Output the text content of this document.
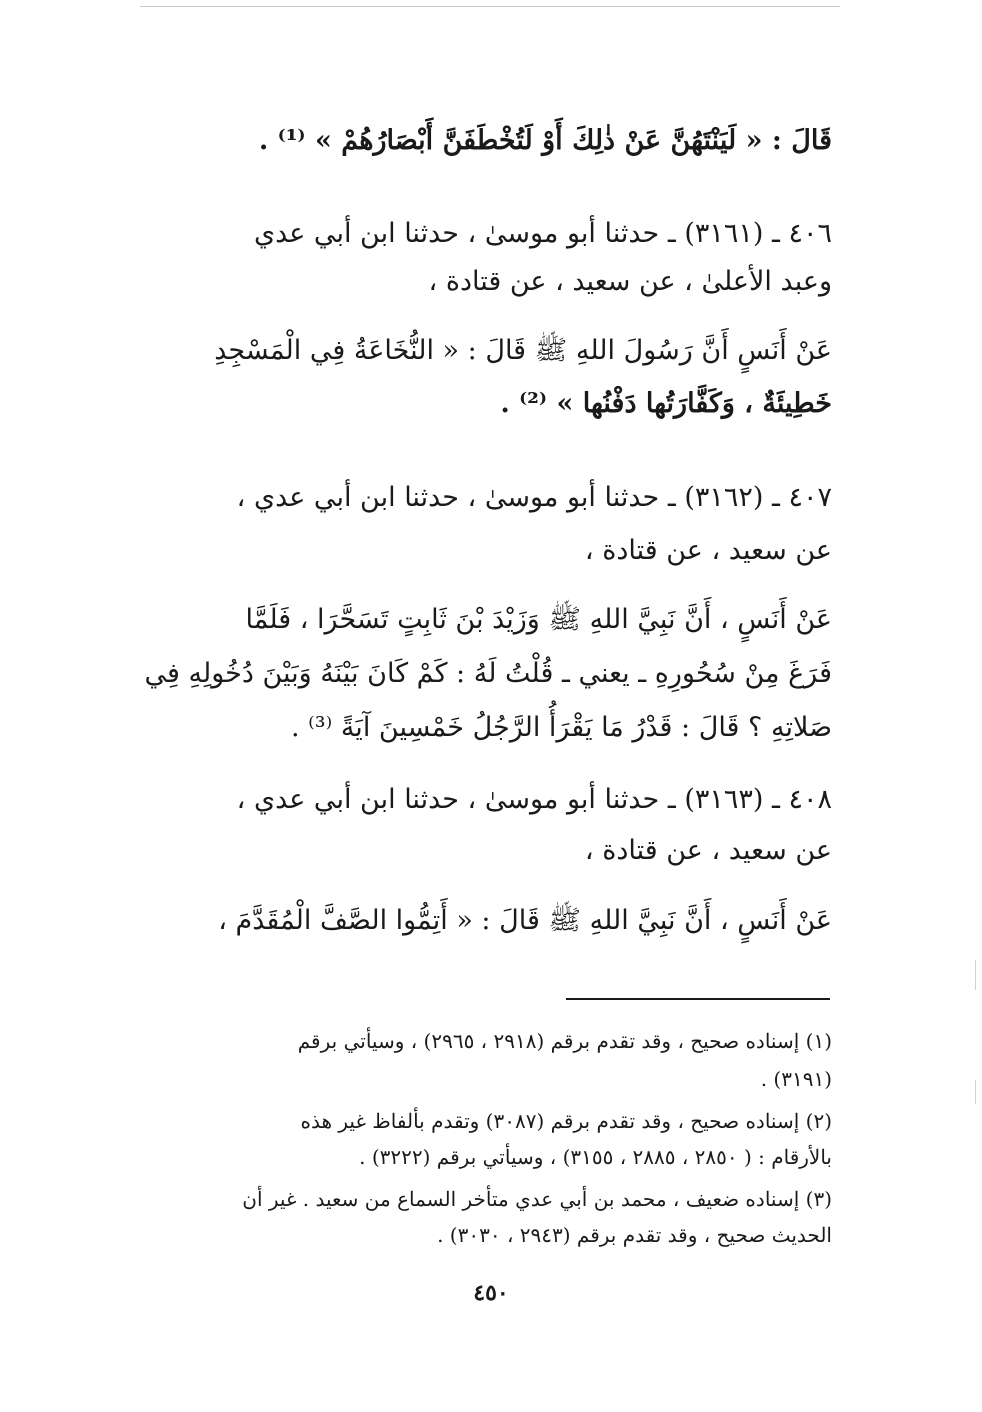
قَالَ : « لَيَنْتَهُنَّ عَنْ ذٰلِكَ أَوْ لَتُخْطَفَنَّ أَبْصَارُهُمْ » ⁽¹⁾ .
٤٠٦ ـ (٣١٦١) ـ حدثنا أبو موسىٰ ، حدثنا ابن أبي عدي
وعبد الأعلىٰ ، عن سعيد ، عن قتادة ،
عَنْ أَنَسٍ أَنَّ رَسُولَ اللهِ ﷺ قَالَ : « النُّخَاعَةُ فِي الْمَسْجِدِ
خَطِيئَةٌ ، وَكَفَّارَتُها دَفْنُها » ⁽²⁾ .
٤٠٧ ـ (٣١٦٢) ـ حدثنا أبو موسىٰ ، حدثنا ابن أبي عدي ،
عن سعيد ، عن قتادة ،
عَنْ أَنَسٍ ، أَنَّ نَبِيَّ اللهِ ﷺ وَزَيْدَ بْنَ ثَابِتٍ تَسَحَّرَا ، فَلَمَّا
فَرَغَ مِنْ سُحُورِهِ ـ يعني ـ قُلْتُ لَهُ : كَمْ كَانَ بَيْنَهُ وَبَيْنَ دُخُولِهِ فِي
صَلاتِهِ ؟ قَالَ : قَدْرُ مَا يَقْرَأُ الرَّجُلُ خَمْسِينَ آيَةً ⁽³⁾ .
٤٠٨ ـ (٣١٦٣) ـ حدثنا أبو موسىٰ ، حدثنا ابن أبي عدي ،
عن سعيد ، عن قتادة ،
عَنْ أَنَسٍ ، أَنَّ نَبِيَّ اللهِ ﷺ قَالَ : « أَتِمُّوا الصَّفَّ الْمُقَدَّمَ ،
(١) إسناده صحيح ، وقد تقدم برقم (٢٩١٨ ، ٢٩٦٥) ، وسيأتي برقم
(٣١٩١) .
(٢) إسناده صحيح ، وقد تقدم برقم (٣٠٨٧) وتقدم بألفاظ غير هذه
بالأرقام : ( ٢٨٥٠ ، ٢٨٨٥ ، ٣١٥٥) ، وسيأتي برقم (٣٢٢٢) .
(٣) إسناده ضعيف ، محمد بن أبي عدي متأخر السماع من سعيد . غير أن
الحديث صحيح ، وقد تقدم برقم (٢٩٤٣ ، ٣٠٣٠) .
٤٥٠
